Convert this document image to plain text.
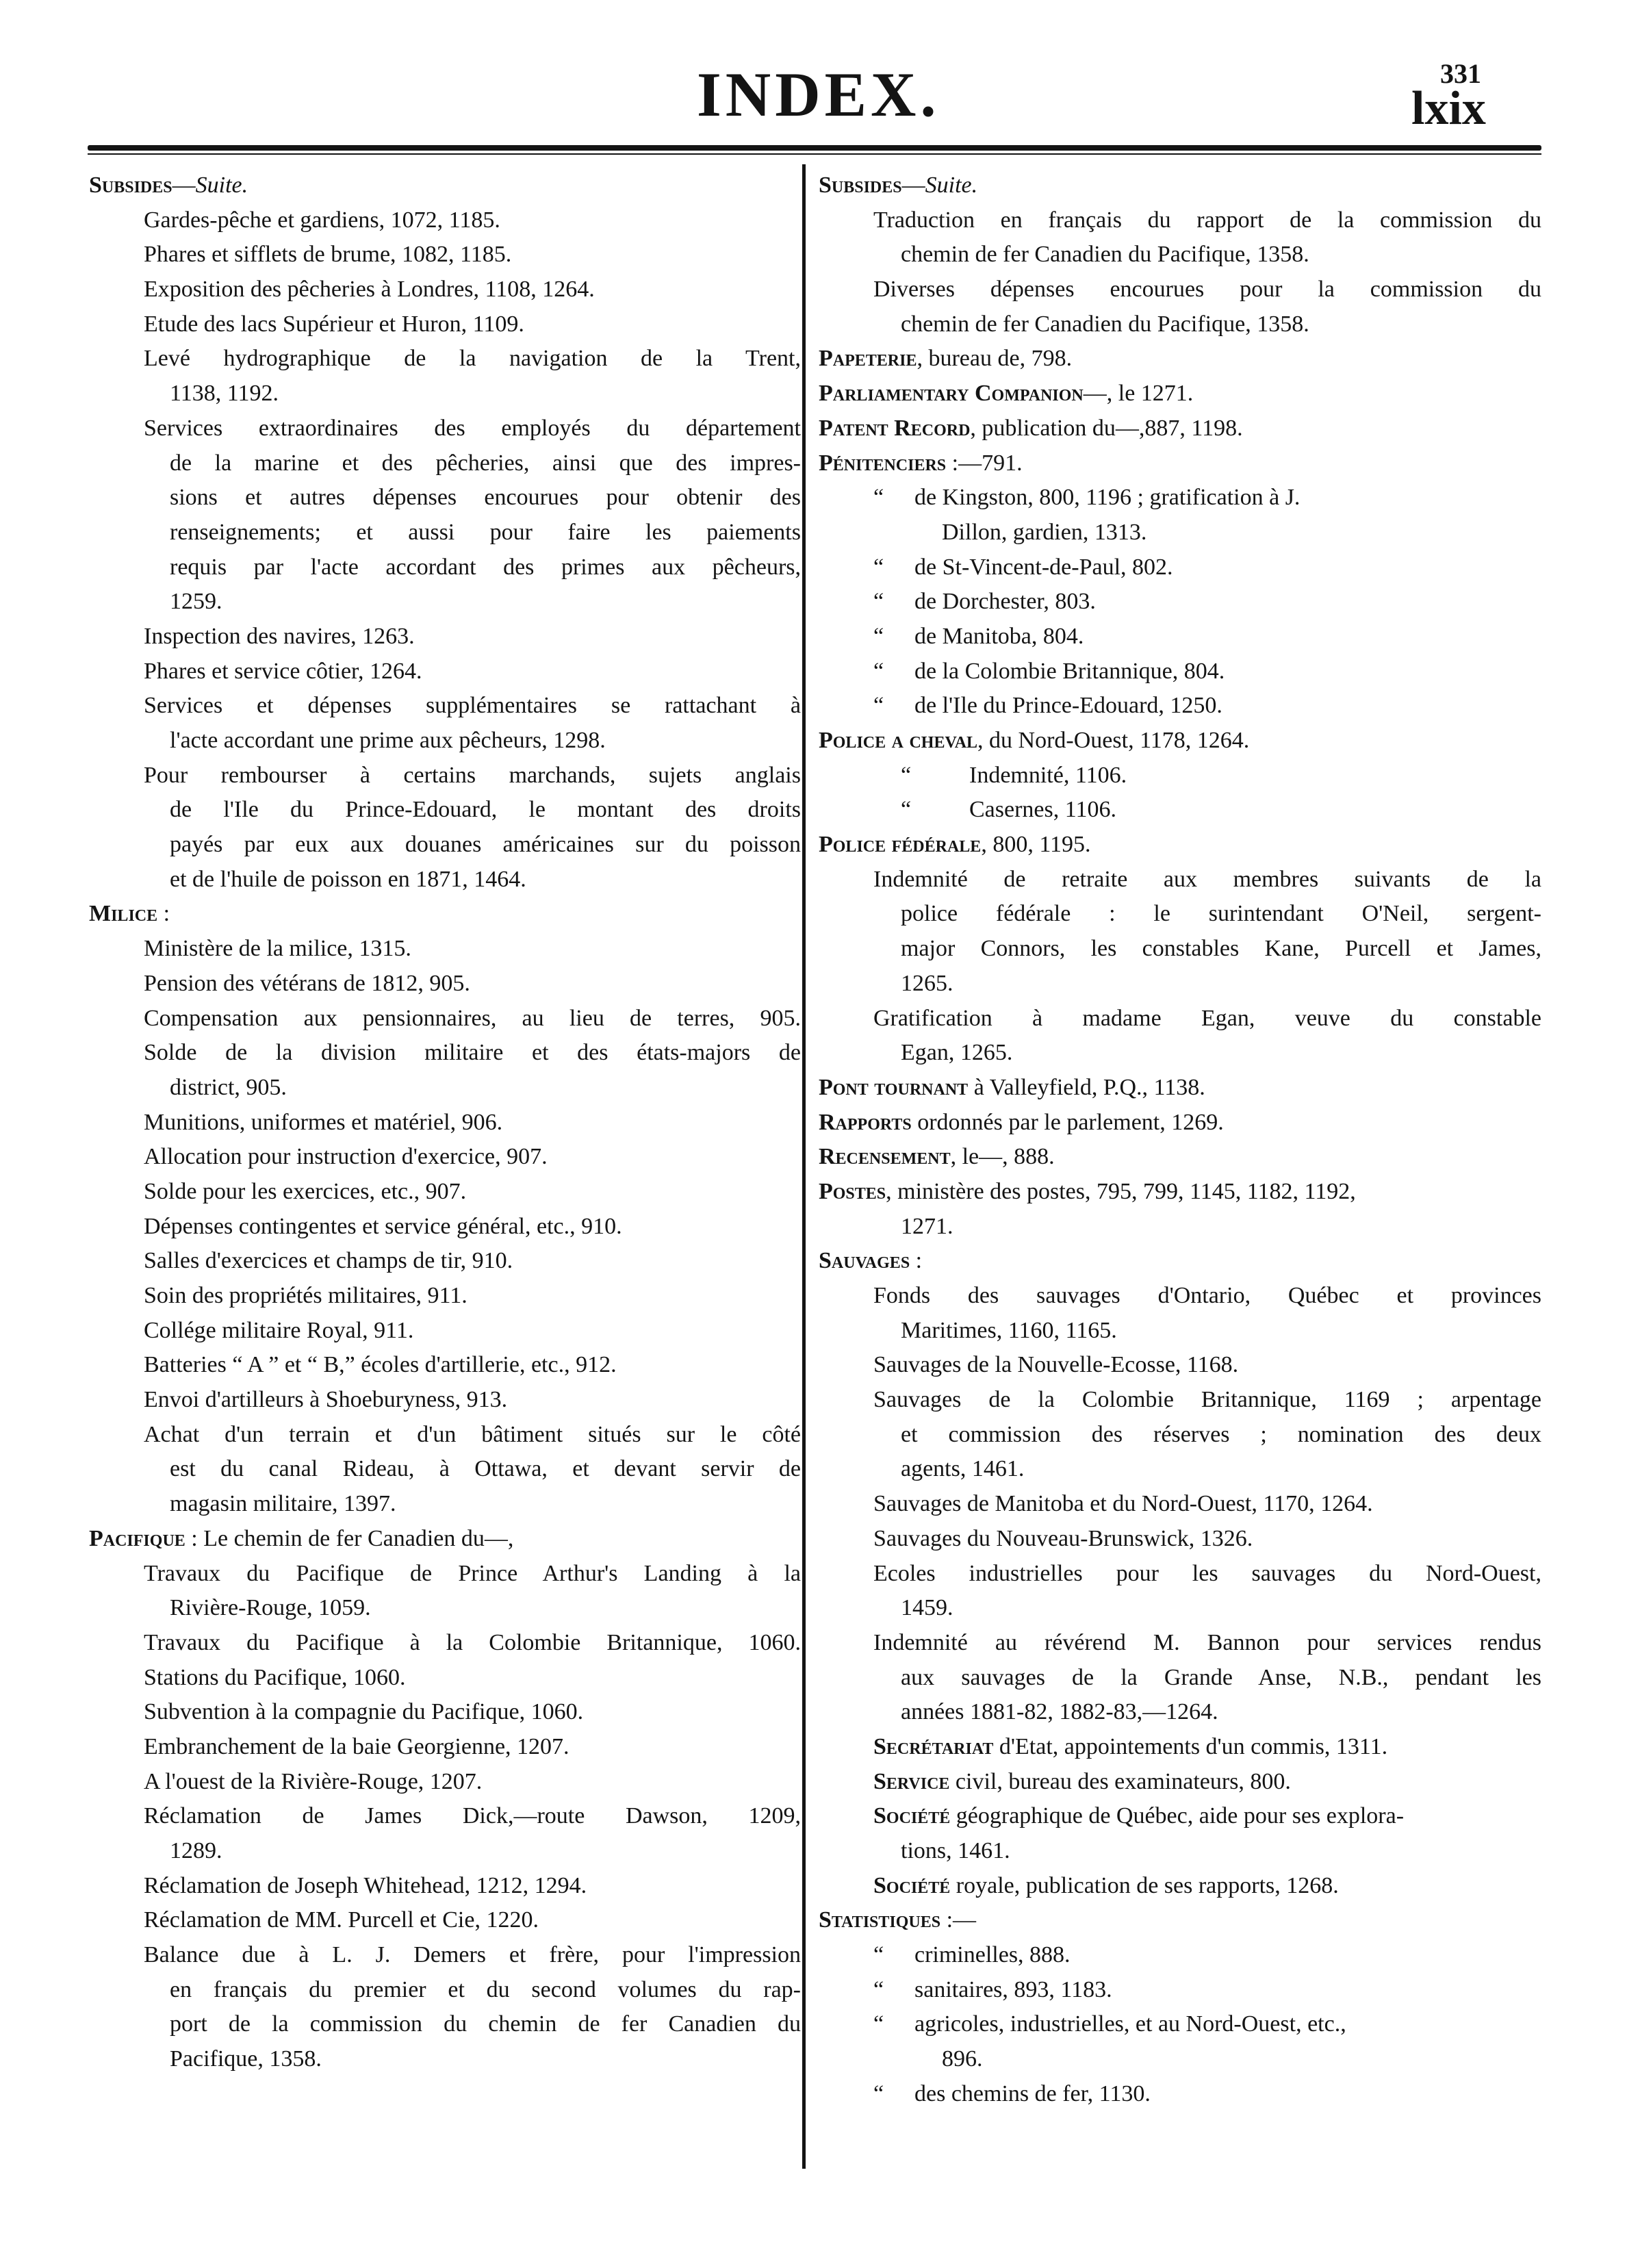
INDEX.	331
lxix
Subsides—Suite.
Gardes-pêche et gardiens, 1072, 1185.
Phares et sifflets de brume, 1082, 1185.
Exposition des pêcheries à Londres, 1108, 1264.
Etude des lacs Supérieur et Huron, 1109.
Levé hydrographique de la navigation de la Trent,
1138, 1192.
Services extraordinaires des employés du département
de la marine et des pêcheries, ainsi que des impres-
sions et autres dépenses encourues pour obtenir des
renseignements; et aussi pour faire les paiements
requis par l'acte accordant des primes aux pêcheurs,
1259.
Inspection des navires, 1263.
Phares et service côtier, 1264.
Services et dépenses supplémentaires se rattachant à
l'acte accordant une prime aux pêcheurs, 1298.
Pour rembourser à certains marchands, sujets anglais
de l'Ile du Prince-Edouard, le montant des droits
payés par eux aux douanes américaines sur du poisson
et de l'huile de poisson en 1871, 1464.
Milice :
Ministère de la milice, 1315.
Pension des vétérans de 1812, 905.
Compensation aux pensionnaires, au lieu de terres, 905.
Solde de la division militaire et des états-majors de
district, 905.
Munitions, uniformes et matériel, 906.
Allocation pour instruction d'exercice, 907.
Solde pour les exercices, etc., 907.
Dépenses contingentes et service général, etc., 910.
Salles d'exercices et champs de tir, 910.
Soin des propriétés militaires, 911.
Collége militaire Royal, 911.
Batteries “ A ” et “ B,” écoles d'artillerie, etc., 912.
Envoi d'artilleurs à Shoeburyness, 913.
Achat d'un terrain et d'un bâtiment situés sur le côté
est du canal Rideau, à Ottawa, et devant servir de
magasin militaire, 1397.
Pacifique : Le chemin de fer Canadien du—,
Travaux du Pacifique de Prince Arthur's Landing à la
Rivière-Rouge, 1059.
Travaux du Pacifique à la Colombie Britannique, 1060.
Stations du Pacifique, 1060.
Subvention à la compagnie du Pacifique, 1060.
Embranchement de la baie Georgienne, 1207.
A l'ouest de la Rivière-Rouge, 1207.
Réclamation de James Dick,—route Dawson, 1209,
1289.
Réclamation de Joseph Whitehead, 1212, 1294.
Réclamation de MM. Purcell et Cie, 1220.
Balance due à L. J. Demers et frère, pour l'impression
en français du premier et du second volumes du rap-
port de la commission du chemin de fer Canadien du
Pacifique, 1358.
Subsides—Suite.
Traduction en français du rapport de la commission du
chemin de fer Canadien du Pacifique, 1358.
Diverses dépenses encourues pour la commission du
chemin de fer Canadien du Pacifique, 1358.
Papeterie, bureau de, 798.
Parliamentary Companion—, le 1271.
Patent Record, publication du—,887, 1198.
Pénitenciers :—791.
“ de Kingston, 800, 1196 ; gratification à J.
Dillon, gardien, 1313.
“ de St-Vincent-de-Paul, 802.
“ de Dorchester, 803.
“ de Manitoba, 804.
“ de la Colombie Britannique, 804.
“ de l'Ile du Prince-Edouard, 1250.
Police a cheval, du Nord-Ouest, 1178, 1264.
“ Indemnité, 1106.
“ Casernes, 1106.
Police fédérale, 800, 1195.
Indemnité de retraite aux membres suivants de la
police fédérale : le surintendant O'Neil, sergent-
major Connors, les constables Kane, Purcell et James,
1265.
Gratification à madame Egan, veuve du constable
Egan, 1265.
Pont tournant à Valleyfield, P.Q., 1138.
Rapports ordonnés par le parlement, 1269.
Recensement, le—, 888.
Postes, ministère des postes, 795, 799, 1145, 1182, 1192,
1271.
Sauvages :
Fonds des sauvages d'Ontario, Québec et provinces
Maritimes, 1160, 1165.
Sauvages de la Nouvelle-Ecosse, 1168.
Sauvages de la Colombie Britannique, 1169 ; arpentage
et commission des réserves ; nomination des deux
agents, 1461.
Sauvages de Manitoba et du Nord-Ouest, 1170, 1264.
Sauvages du Nouveau-Brunswick, 1326.
Ecoles industrielles pour les sauvages du Nord-Ouest,
1459.
Indemnité au révérend M. Bannon pour services rendus
aux sauvages de la Grande Anse, N.B., pendant les
années 1881-82, 1882-83,—1264.
Secrétariat d'Etat, appointements d'un commis, 1311.
Service civil, bureau des examinateurs, 800.
Société géographique de Québec, aide pour ses explora-
tions, 1461.
Société royale, publication de ses rapports, 1268.
Statistiques :—
“ criminelles, 888.
“ sanitaires, 893, 1183.
“ agricoles, industrielles, et au Nord-Ouest, etc.,
896.
“ des chemins de fer, 1130.
